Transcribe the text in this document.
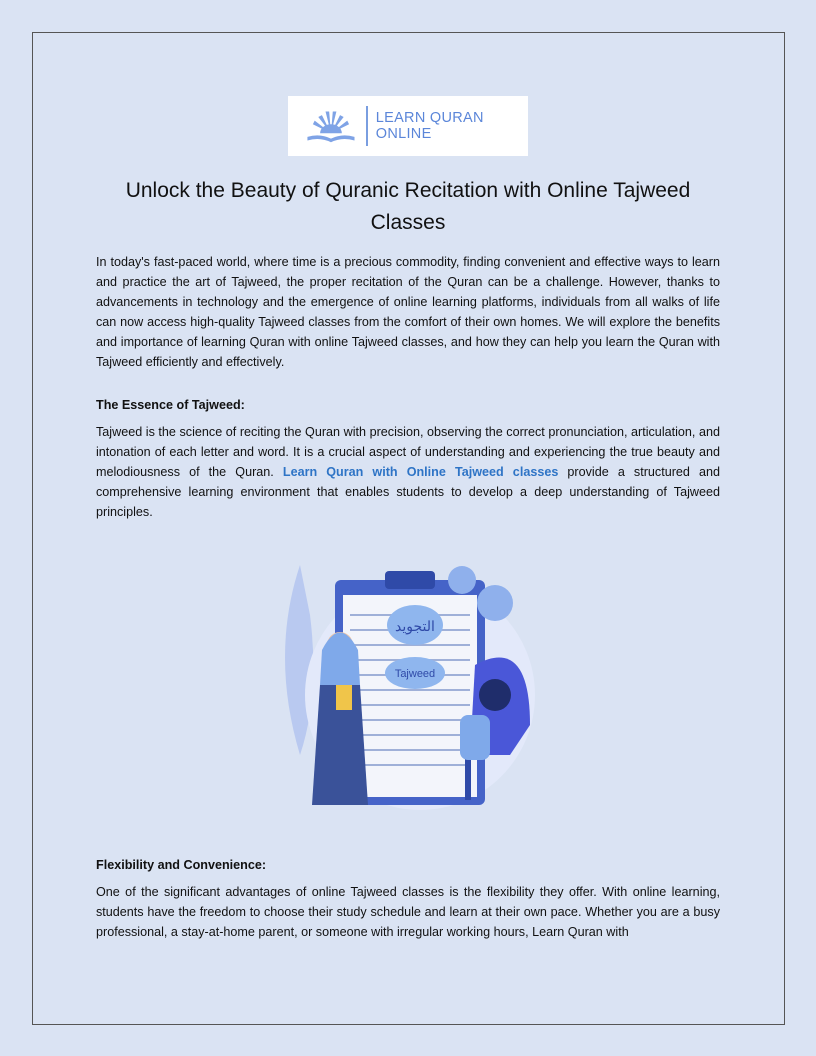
LEARN QURAN ONLINE
Unlock the Beauty of Quranic Recitation with Online Tajweed Classes

In today's fast-paced world, where time is a precious commodity, finding convenient and effective ways to learn and practice the art of Tajweed, the proper recitation of the Quran can be a challenge. However, thanks to advancements in technology and the emergence of online learning platforms, individuals from all walks of life can now access high-quality Tajweed classes from the comfort of their own homes. We will explore the benefits and importance of learning Quran with online Tajweed classes, and how they can help you learn the Quran with Tajweed efficiently and effectively.

The Essence of Tajweed:

Tajweed is the science of reciting the Quran with precision, observing the correct pronunciation, articulation, and intonation of each letter and word. It is a crucial aspect of understanding and experiencing the true beauty and melodiousness of the Quran. Learn Quran with Online Tajweed classes provide a structured and comprehensive learning environment that enables students to develop a deep understanding of Tajweed principles.

التجويد
Tajweed
Flexibility and Convenience:

One of the significant advantages of online Tajweed classes is the flexibility they offer. With online learning, students have the freedom to choose their study schedule and learn at their own pace. Whether you are a busy professional, a stay-at-home parent, or someone with irregular working hours, Learn Quran with
